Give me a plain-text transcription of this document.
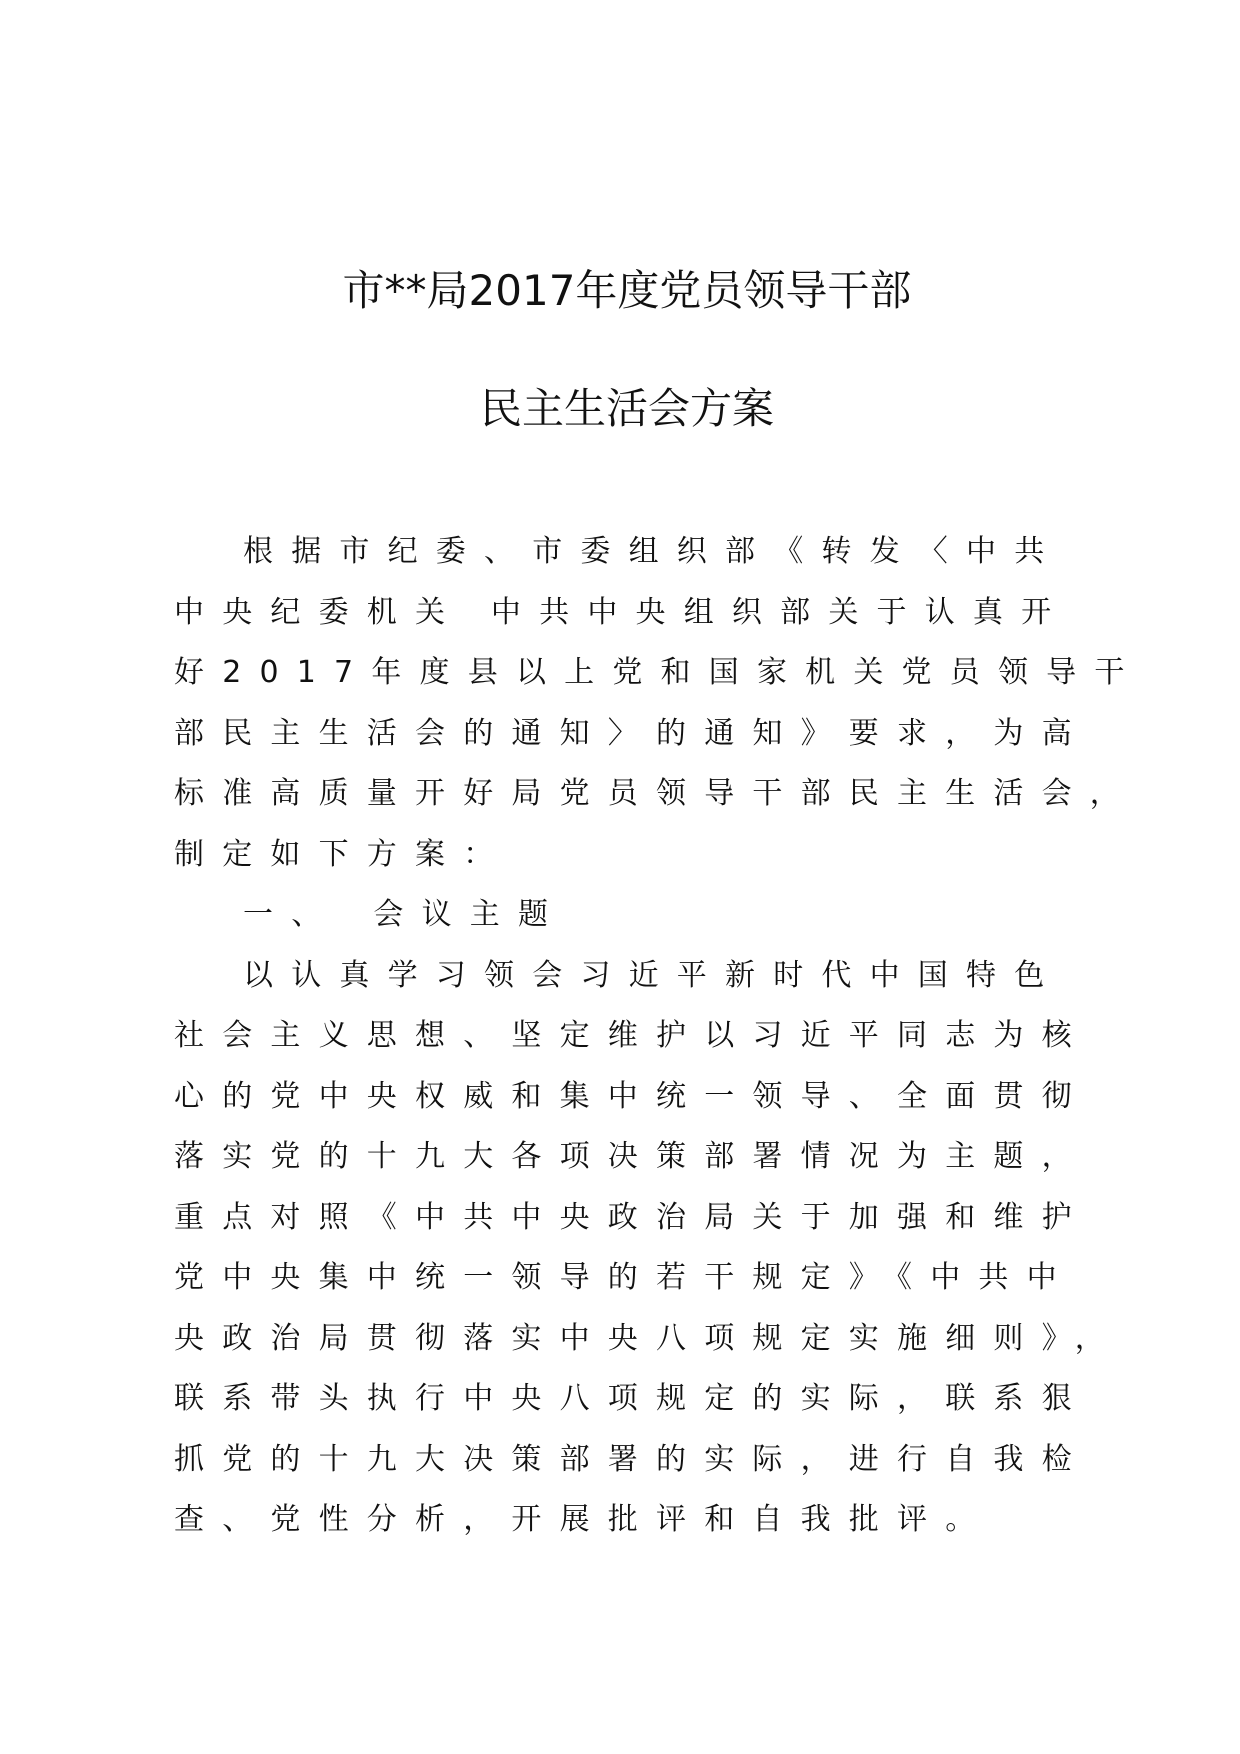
市**局2017年度党员领导干部
民主生活会方案
根据市纪委、市委组织部《转发〈中共
中央纪委机关 中共中央组织部关于认真开
好2017年度县以上党和国家机关党员领导干
部民主生活会的通知〉的通知》要求，为高
标准高质量开好局党员领导干部民主生活会，
制定如下方案：
一、 会议主题
以认真学习领会习近平新时代中国特色
社会主义思想、坚定维护以习近平同志为核
心的党中央权威和集中统一领导、全面贯彻
落实党的十九大各项决策部署情况为主题，
重点对照《中共中央政治局关于加强和维护
党中央集中统一领导的若干规定》《中共中
央政治局贯彻落实中央八项规定实施细则》，
联系带头执行中央八项规定的实际，联系狠
抓党的十九大决策部署的实际，进行自我检
查、党性分析，开展批评和自我批评。
